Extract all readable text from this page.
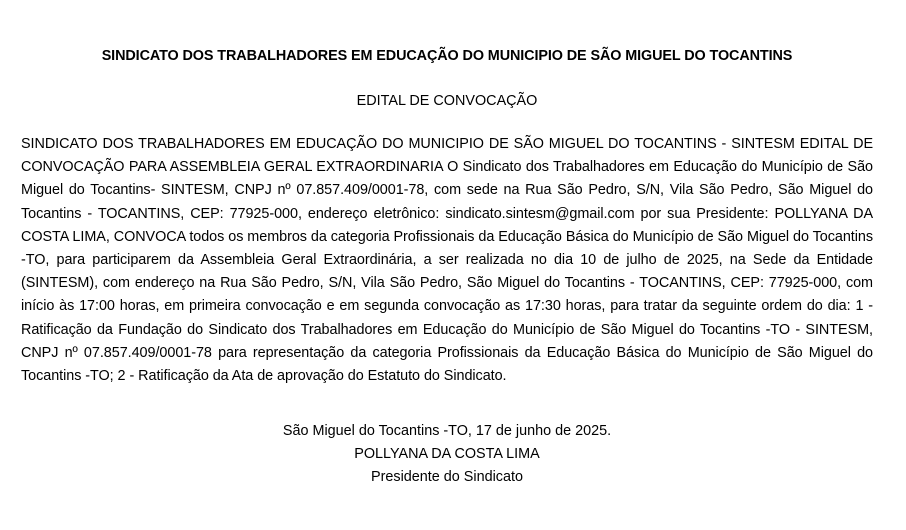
SINDICATO DOS TRABALHADORES EM EDUCAÇÃO DO MUNICIPIO DE SÃO MIGUEL DO TOCANTINS
EDITAL DE CONVOCAÇÃO
SINDICATO DOS TRABALHADORES EM EDUCAÇÃO DO MUNICIPIO DE SÃO MIGUEL DO TOCANTINS - SINTESM EDITAL DE CONVOCAÇÃO PARA ASSEMBLEIA GERAL EXTRAORDINARIA O Sindicato dos Trabalhadores em Educação do Município de São Miguel do Tocantins- SINTESM, CNPJ nº 07.857.409/0001-78, com sede na Rua São Pedro, S/N, Vila São Pedro, São Miguel do Tocantins - TOCANTINS, CEP: 77925-000, endereço eletrônico: sindicato.sintesm@gmail.com por sua Presidente: POLLYANA DA COSTA LIMA, CONVOCA todos os membros da categoria Profissionais da Educação Básica do Município de São Miguel do Tocantins -TO, para participarem da Assembleia Geral Extraordinária, a ser realizada no dia 10 de julho de 2025, na Sede da Entidade (SINTESM), com endereço na Rua São Pedro, S/N, Vila São Pedro, São Miguel do Tocantins - TOCANTINS, CEP: 77925-000, com início às 17:00 horas, em primeira convocação e em segunda convocação as 17:30 horas, para tratar da seguinte ordem do dia: 1 - Ratificação da Fundação do Sindicato dos Trabalhadores em Educação do Município de São Miguel do Tocantins -TO - SINTESM, CNPJ nº 07.857.409/0001-78 para representação da categoria Profissionais da Educação Básica do Município de São Miguel do Tocantins -TO; 2 - Ratificação da Ata de aprovação do Estatuto do Sindicato.
São Miguel do Tocantins -TO, 17 de junho de 2025.
POLLYANA DA COSTA LIMA
Presidente do Sindicato
